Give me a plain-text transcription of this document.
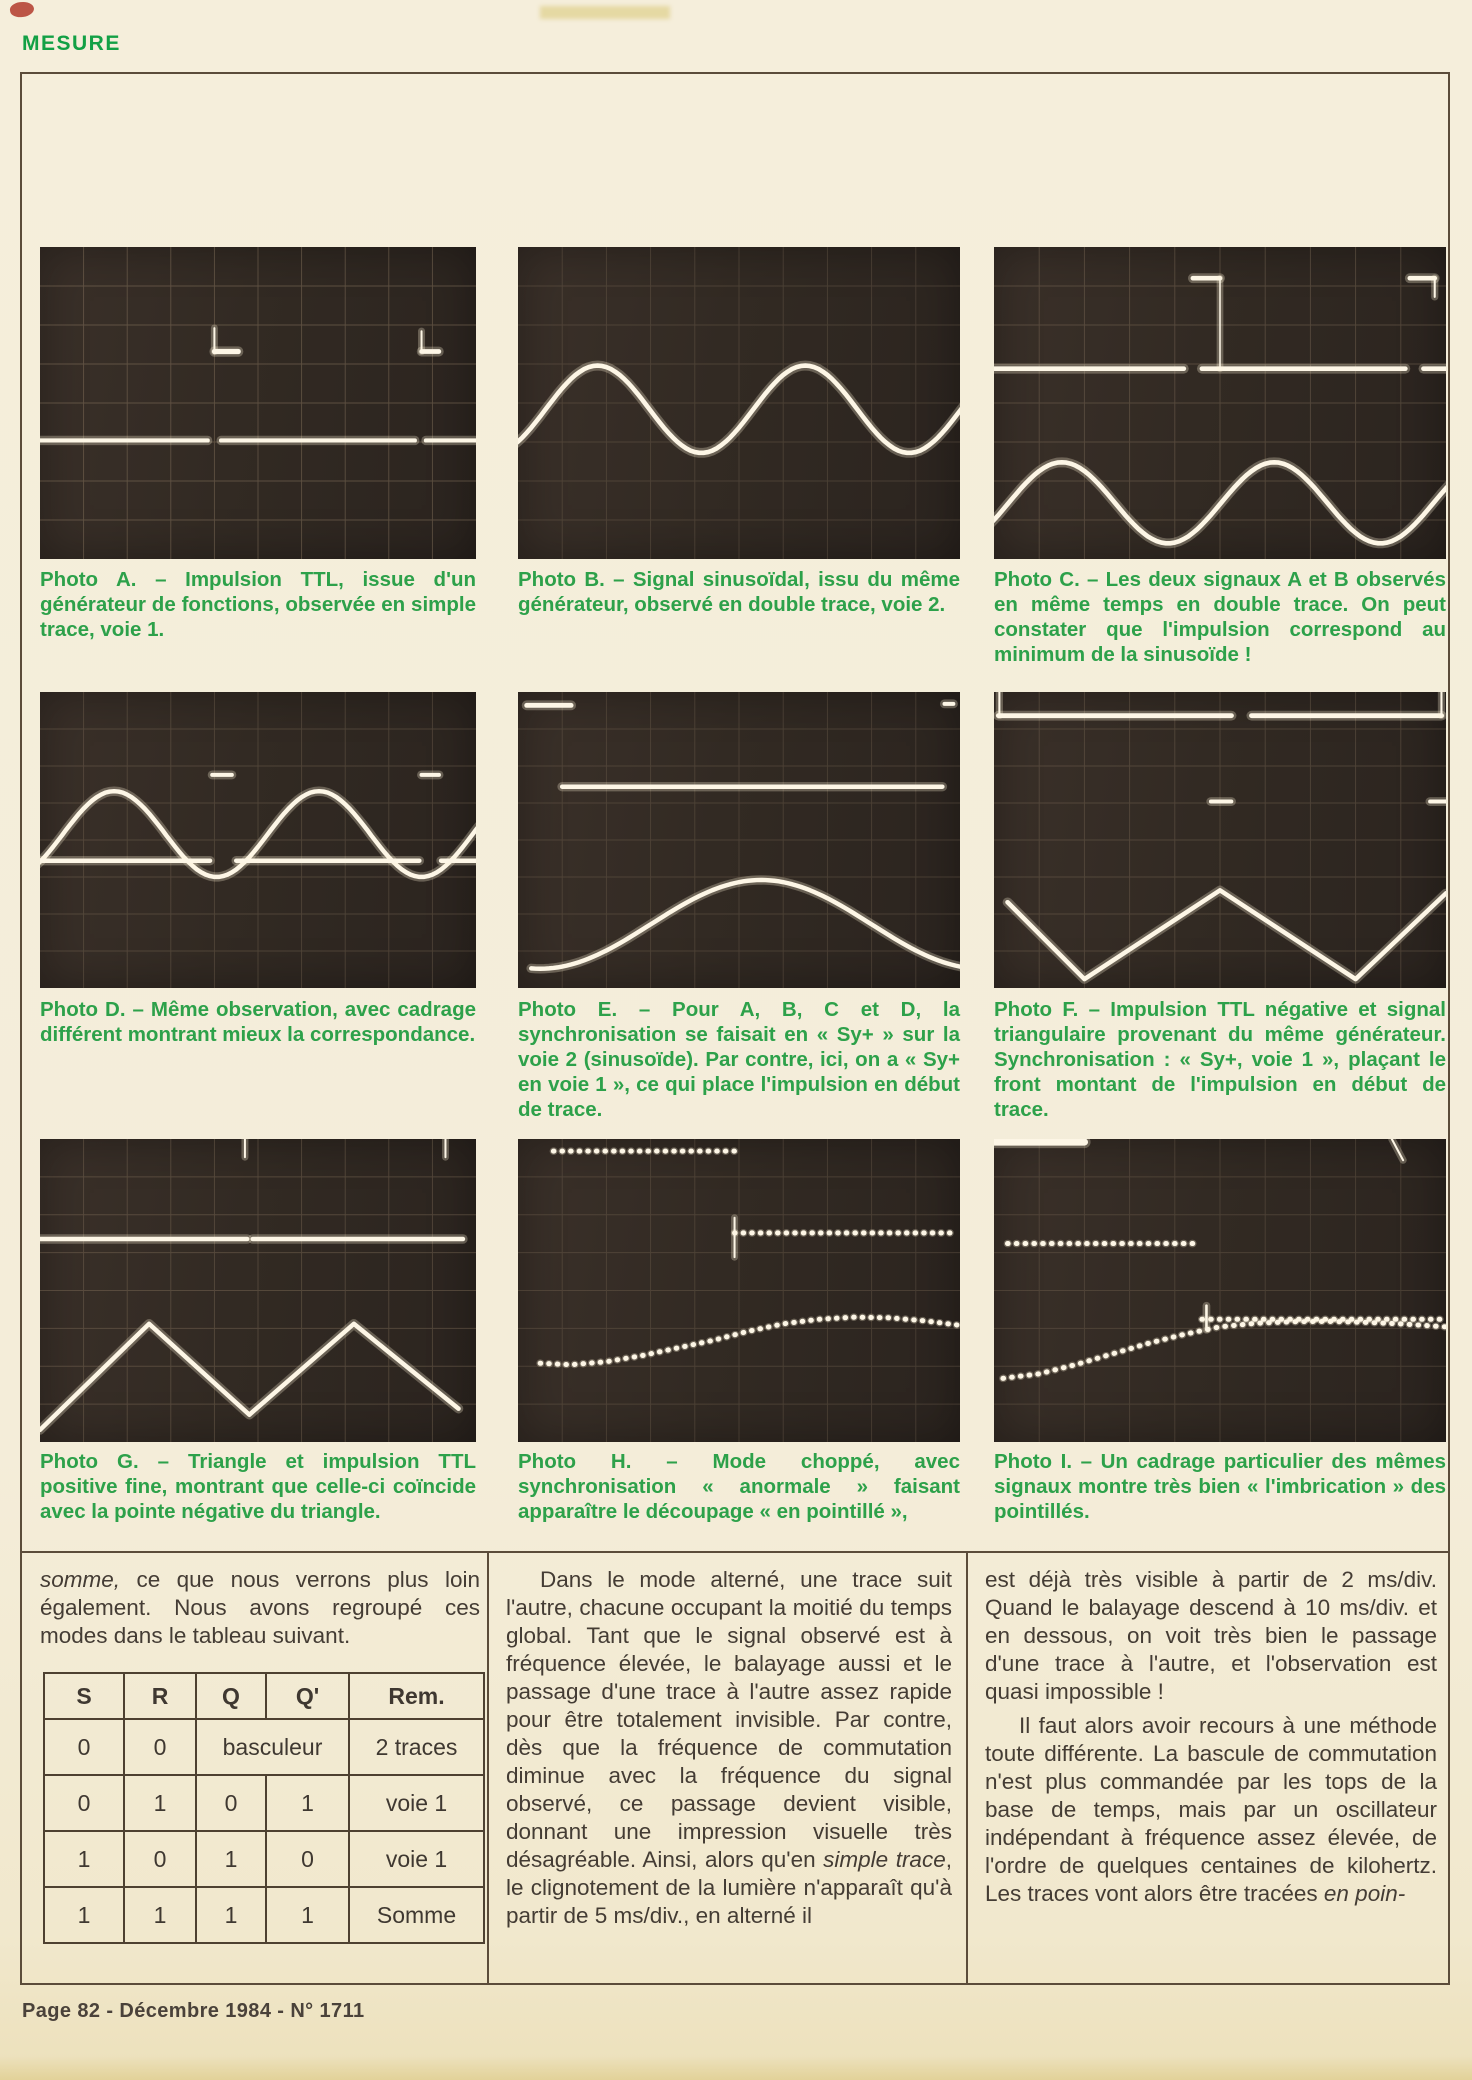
MESURE
Photo A. – Impulsion TTL, issue d'un générateur de fonctions, observée en simple trace, voie 1.
Photo B. – Signal sinusoïdal, issu du même générateur, observé en double trace, voie 2.
Photo C. – Les deux signaux A et B observés en même temps en double trace. On peut constater que l'impulsion correspond au minimum de la sinusoïde !
Photo D. – Même observation, avec cadrage différent montrant mieux la correspondance.
Photo E. – Pour A, B, C et D, la synchronisation se faisait en « Sy+ » sur la voie 2 (sinusoïde). Par contre, ici, on a « Sy+ en voie 1 », ce qui place l'impulsion en début de trace.
Photo F. – Impulsion TTL négative et signal triangulaire provenant du même générateur. Synchronisation : « Sy+, voie 1 », plaçant le front montant de l'impulsion en début de trace.
Photo G. – Triangle et impulsion TTL positive fine, montrant que celle-ci coïncide avec la pointe négative du triangle.
Photo H. – Mode choppé, avec synchronisation « anormale » faisant apparaître le découpage « en pointillé »,
Photo I. – Un cadrage particulier des mêmes signaux montre très bien « l'imbrication » des pointillés.

somme, ce que nous verrons plus loin également. Nous avons regroupé ces modes dans le tableau suivant.

S	R	Q	Q'	Rem.
0	0	basculeur		2 traces
0	1	0	1	voie 1
1	0	1	0	voie 1
1	1	1	1	Somme

Dans le mode alterné, une trace suit l'autre, chacune occupant la moitié du temps global. Tant que le signal observé est à fréquence élevée, le balayage aussi et le passage d'une trace à l'autre assez rapide pour être totalement invisible. Par contre, dès que la fréquence de commutation diminue avec la fréquence du signal observé, ce passage devient visible, donnant une impression visuelle très désagréable. Ainsi, alors qu'en simple trace, le clignotement de la lumière n'apparaît qu'à partir de 5 ms/div., en alterné il

est déjà très visible à partir de 2 ms/div. Quand le balayage descend à 10 ms/div. et en dessous, on voit très bien le passage d'une trace à l'autre, et l'observation est quasi impossible !

Il faut alors avoir recours à une méthode toute différente. La bascule de commutation n'est plus commandée par les tops de la base de temps, mais par un oscillateur indépendant à fréquence assez élevée, de l'ordre de quelques centaines de kilohertz. Les traces vont alors être tracées en poin-

Page 82 - Décembre 1984 - N° 1711
